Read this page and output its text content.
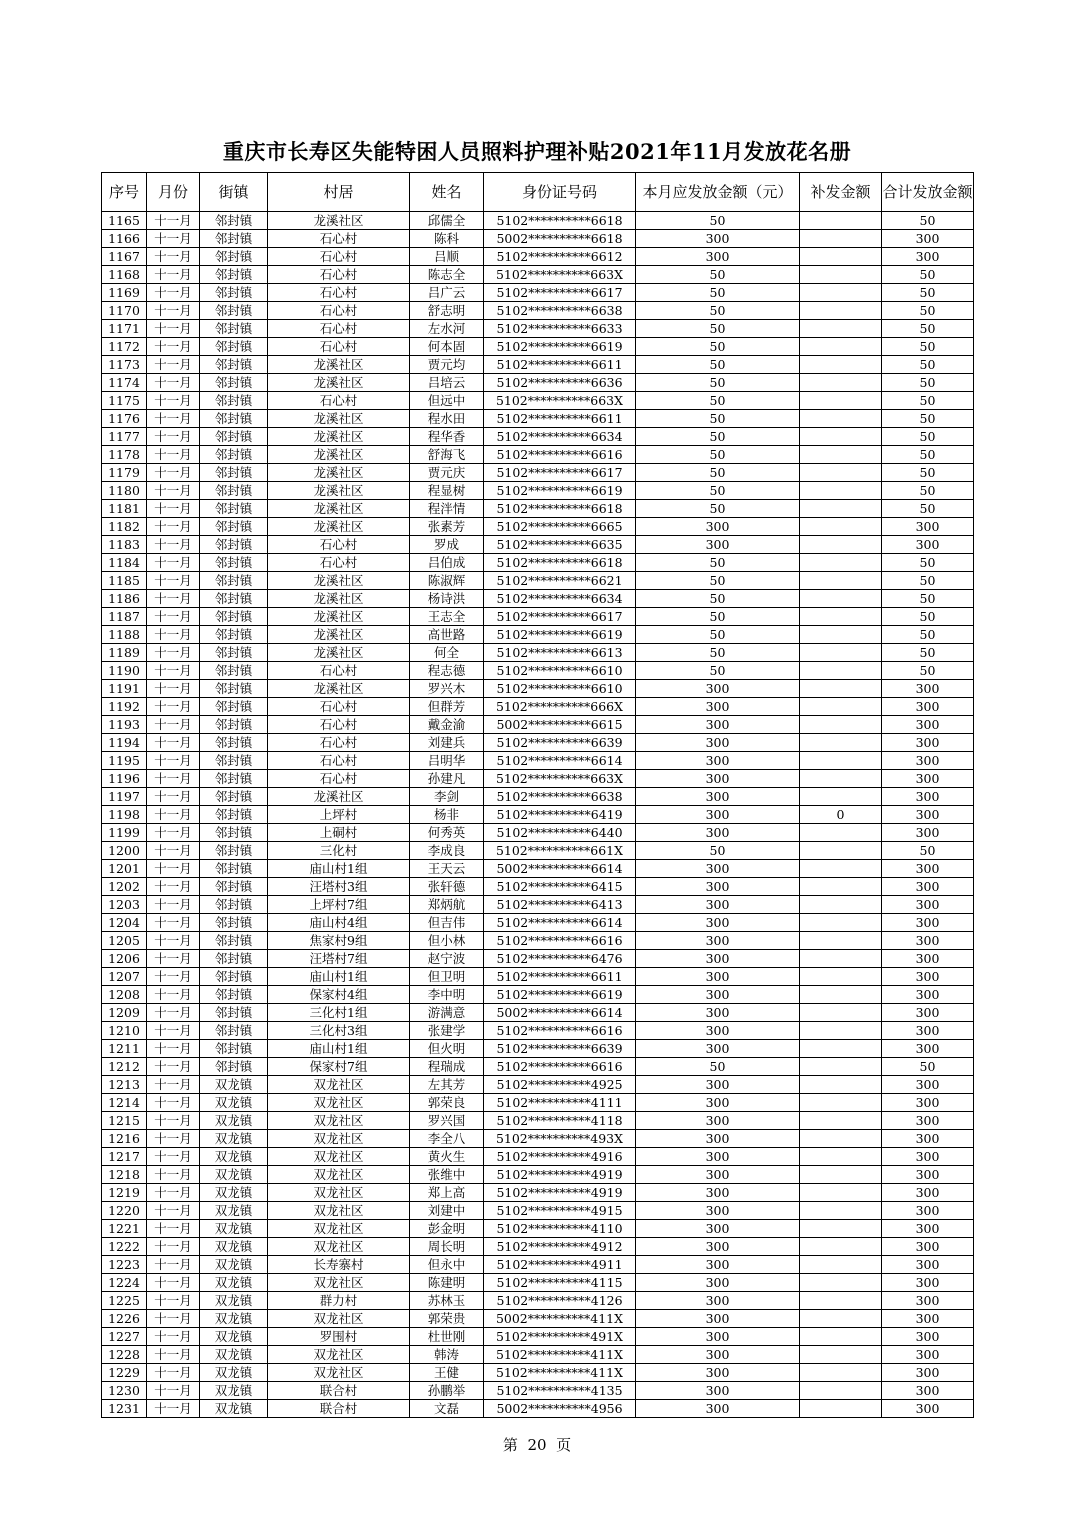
重庆市长寿区失能特困人员照料护理补贴2021年11月发放花名册
序号	月份	街镇	村居	姓名	身份证号码	本月应发放金额（元）	补发金额	合计发放金额
1165	十一月	邻封镇	龙溪社区	邱儒全	5102**********6618	50		50
1166	十一月	邻封镇	石心村	陈科	5002**********6618	300		300
1167	十一月	邻封镇	石心村	吕顺	5102**********6612	300		300
1168	十一月	邻封镇	石心村	陈志全	5102**********663X	50		50
1169	十一月	邻封镇	石心村	吕广云	5102**********6617	50		50
1170	十一月	邻封镇	石心村	舒志明	5102**********6638	50		50
1171	十一月	邻封镇	石心村	左水河	5102**********6633	50		50
1172	十一月	邻封镇	石心村	何本固	5102**********6619	50		50
1173	十一月	邻封镇	龙溪社区	贾元均	5102**********6611	50		50
1174	十一月	邻封镇	龙溪社区	吕培云	5102**********6636	50		50
1175	十一月	邻封镇	石心村	但远中	5102**********663X	50		50
1176	十一月	邻封镇	龙溪社区	程水田	5102**********6611	50		50
1177	十一月	邻封镇	龙溪社区	程华香	5102**********6634	50		50
1178	十一月	邻封镇	龙溪社区	舒海飞	5102**********6616	50		50
1179	十一月	邻封镇	龙溪社区	贾元庆	5102**********6617	50		50
1180	十一月	邻封镇	龙溪社区	程显树	5102**********6619	50		50
1181	十一月	邻封镇	龙溪社区	程泮情	5102**********6618	50		50
1182	十一月	邻封镇	龙溪社区	张素芳	5102**********6665	300		300
1183	十一月	邻封镇	石心村	罗成	5102**********6635	300		300
1184	十一月	邻封镇	石心村	吕伯成	5102**********6618	50		50
1185	十一月	邻封镇	龙溪社区	陈淑辉	5102**********6621	50		50
1186	十一月	邻封镇	龙溪社区	杨诗洪	5102**********6634	50		50
1187	十一月	邻封镇	龙溪社区	王志全	5102**********6617	50		50
1188	十一月	邻封镇	龙溪社区	高世路	5102**********6619	50		50
1189	十一月	邻封镇	龙溪社区	何全	5102**********6613	50		50
1190	十一月	邻封镇	石心村	程志德	5102**********6610	50		50
1191	十一月	邻封镇	龙溪社区	罗兴木	5102**********6610	300		300
1192	十一月	邻封镇	石心村	但群芳	5102**********666X	300		300
1193	十一月	邻封镇	石心村	戴金渝	5002**********6615	300		300
1194	十一月	邻封镇	石心村	刘建兵	5102**********6639	300		300
1195	十一月	邻封镇	石心村	吕明华	5102**********6614	300		300
1196	十一月	邻封镇	石心村	孙建凡	5102**********663X	300		300
1197	十一月	邻封镇	龙溪社区	李剑	5102**********6638	300		300
1198	十一月	邻封镇	上坪村	杨非	5102**********6419	300	0	300
1199	十一月	邻封镇	上硐村	何秀英	5102**********6440	300		300
1200	十一月	邻封镇	三化村	李成良	5102**********661X	50		50
1201	十一月	邻封镇	庙山村1组	王天云	5002**********6614	300		300
1202	十一月	邻封镇	汪塔村3组	张轩德	5102**********6415	300		300
1203	十一月	邻封镇	上坪村7组	郑炳航	5102**********6413	300		300
1204	十一月	邻封镇	庙山村4组	但吉伟	5102**********6614	300		300
1205	十一月	邻封镇	焦家村9组	但小林	5102**********6616	300		300
1206	十一月	邻封镇	汪塔村7组	赵宁波	5102**********6476	300		300
1207	十一月	邻封镇	庙山村1组	但卫明	5102**********6611	300		300
1208	十一月	邻封镇	保家村4组	李中明	5102**********6619	300		300
1209	十一月	邻封镇	三化村1组	游满意	5002**********6614	300		300
1210	十一月	邻封镇	三化村3组	张建学	5102**********6616	300		300
1211	十一月	邻封镇	庙山村1组	但火明	5102**********6639	300		300
1212	十一月	邻封镇	保家村7组	程瑞成	5102**********6616	50		50
1213	十一月	双龙镇	双龙社区	左其芳	5102**********4925	300		300
1214	十一月	双龙镇	双龙社区	郭荣良	5102**********4111	300		300
1215	十一月	双龙镇	双龙社区	罗兴国	5102**********4118	300		300
1216	十一月	双龙镇	双龙社区	李全八	5102**********493X	300		300
1217	十一月	双龙镇	双龙社区	黄火生	5102**********4916	300		300
1218	十一月	双龙镇	双龙社区	张维中	5102**********4919	300		300
1219	十一月	双龙镇	双龙社区	郑上高	5102**********4919	300		300
1220	十一月	双龙镇	双龙社区	刘建中	5102**********4915	300		300
1221	十一月	双龙镇	双龙社区	彭金明	5102**********4110	300		300
1222	十一月	双龙镇	双龙社区	周长明	5102**********4912	300		300
1223	十一月	双龙镇	长寿寨村	但永中	5102**********4911	300		300
1224	十一月	双龙镇	双龙社区	陈建明	5102**********4115	300		300
1225	十一月	双龙镇	群力村	苏林玉	5102**********4126	300		300
1226	十一月	双龙镇	双龙社区	郭荣贵	5002**********411X	300		300
1227	十一月	双龙镇	罗围村	杜世刚	5102**********491X	300		300
1228	十一月	双龙镇	双龙社区	韩涛	5102**********411X	300		300
1229	十一月	双龙镇	双龙社区	王健	5102**********411X	300		300
1230	十一月	双龙镇	联合村	孙鹏举	5102**********4135	300		300
1231	十一月	双龙镇	联合村	文磊	5002**********4956	300		300
第  20  页
